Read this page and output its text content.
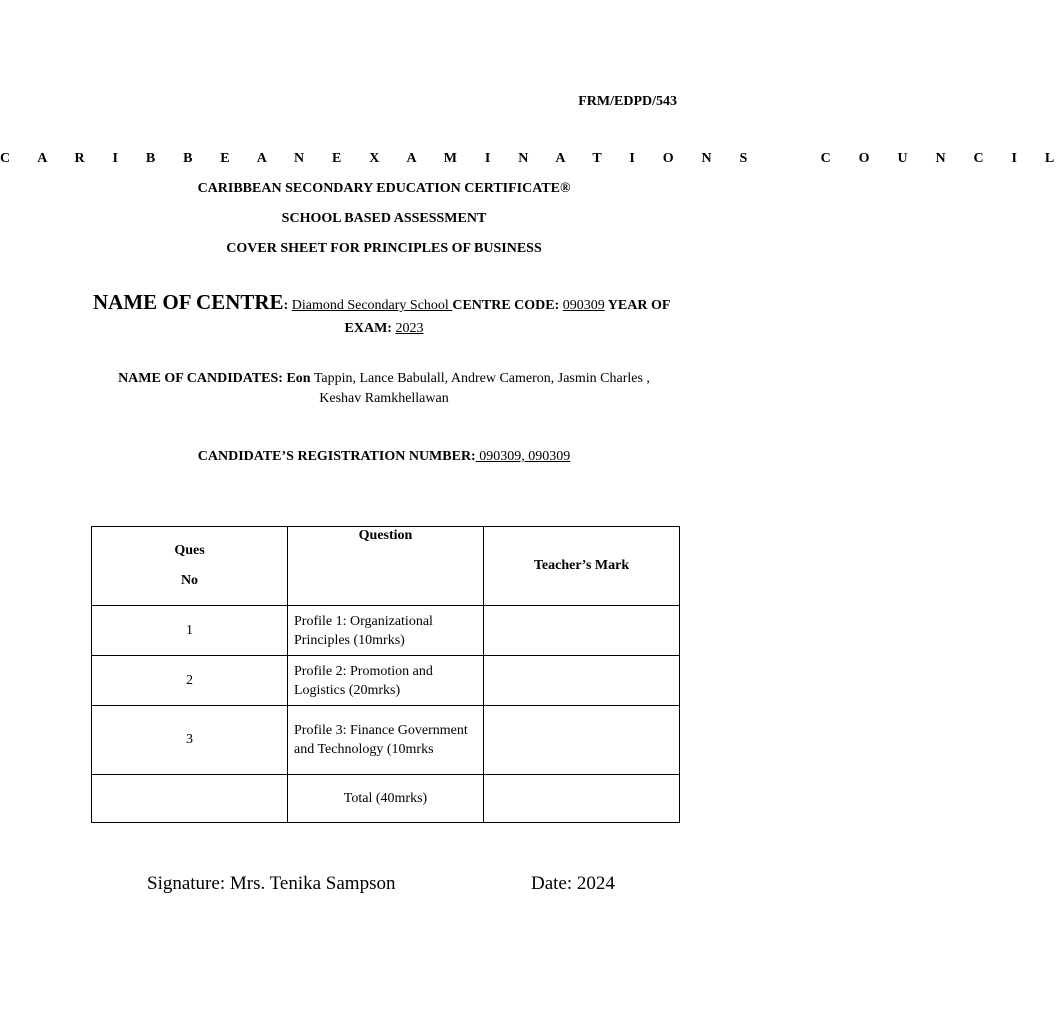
FRM/EDPD/543
C A R I B B E A N E X A M I N A T I O N S   C O U N C I L
CARIBBEAN SECONDARY EDUCATION CERTIFICATE®
SCHOOL BASED ASSESSMENT
COVER SHEET FOR PRINCIPLES OF BUSINESS
NAME OF CENTRE: Diamond Secondary School CENTRE CODE: 090309 YEAR OF
EXAM: 2023
NAME OF CANDIDATES: Eon Tappin, Lance Babulall, Andrew Cameron, Jasmin Charles ,
Keshav Ramkhellawan
CANDIDATE’S REGISTRATION NUMBER: 090309, 090309
Ques
No	Question	Teacher’s Mark
1	Profile 1: Organizational Principles (10mrks)	
2	Profile 2: Promotion and Logistics (20mrks)	
3	Profile 3: Finance Government and Technology (10mrks	
	Total (40mrks)	
Signature: Mrs. Tenika Sampson	Date: 2024
